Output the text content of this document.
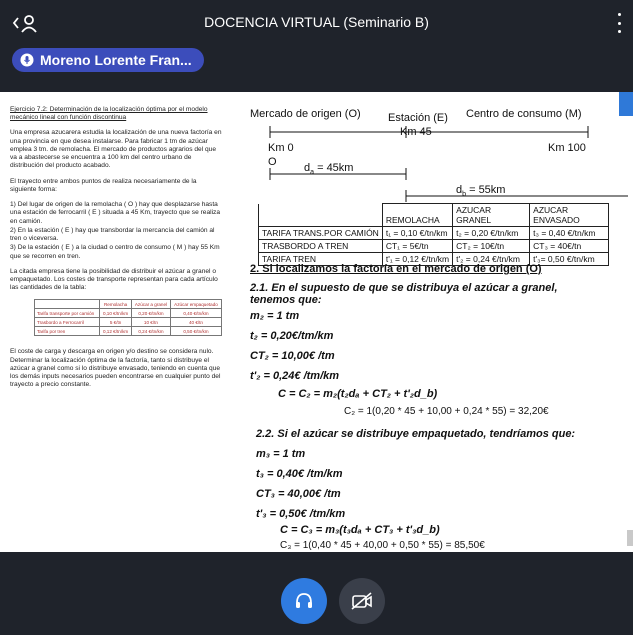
DOCENCIA VIRTUAL (Seminario B)
Moreno Lorente Fran...

Ejercicio 7.2: Determinación de la localización óptima por el modelo mecánico lineal con función discontinua

Una empresa azucarera estudia la localización de una nueva factoría en una provincia en que desea instalarse. Para fabricar 1 tm de azúcar emplea 3 tm. de remolacha. El mercado de productos agrarios del que va a abastecerse se encuentra a 100 km del centro urbano de distribución del producto acabado.

El trayecto entre ambos puntos de realiza necesariamente de la siguiente forma:

1) Del lugar de origen de la remolacha ( O ) hay que desplazarse hasta una estación de ferrocarril ( E ) situada a 45 Km, trayecto que se realiza en camión.

2) En la estación ( E ) hay que transbordar la mercancía del camión al tren o viceversa.

3) De la estación ( E ) a la ciudad o centro de consumo ( M ) hay 55 Km que se recorren en tren.

La citada empresa tiene la posibilidad de distribuir el azúcar a granel o empaquetado. Los costes de transporte representan para cada artículo las cantidades de la tabla:

	Remolacha	Azúcar a granel	Azúcar empaquetado
Tarifa transporte por camión	0,10 €/tn/km	0,20 €/tn/km	0,40 €/tn/km
Trasbordo a Ferrocarril	5 €/tn	10 €/tn	40 €/tn
Tarifa por tren	0,12 €/tn/km	0,24 €/tn/km	0,50 €/tn/km

El coste de carga y descarga en origen y/o destino se considera nulo. Determinar la localización óptima de la factoría, tanto si distribuye el azúcar a granel como si lo distribuye envasado, teniendo en cuenta que los demás inputs necesarios pueden encontrarse en cualquier punto del trayecto a precio constante.

Mercado de origen (O) Estación (E) Centro de consumo (M)
Km 45
Km 0	Km 100
O $d_a = 45km$
$d_b = 55km$
	REMOLACHA	AZUCAR GRANEL	AZUCAR ENVASADO
TARIFA TRANS.POR CAMIÓN	t₁ = 0,10 €/tn/km	t₂ = 0,20 €/tn/km	t₃ = 0,40 €/tn/km
TRASBORDO A TREN	CT₁ = 5€/tn	CT₂ = 10€/tn	CT₃ = 40€/tn
TARIFA TREN	t'₁ = 0,12 €/tn/km	t'₂ = 0,24 €/tn/km	t'₃= 0,50 €/tn/km
2. Si localizamos la factoría en el mercado de origen (O)
2.1. En el supuesto de que se distribuya el azúcar a granel, tenemos que:
m₂ = 1 tm
t₂ = 0,20€/tm/km
CT₂ = 10,00€ /tm
t'₂ = 0,24€ /tm/km
C = C₂ = m₂(t₂dₐ + CT₂ + t'₂d_b)
C₂ = 1(0,20 * 45 + 10,00 + 0,24 * 55) = 32,20€
2.2. Si el azúcar se distribuye empaquetado, tendríamos que:
m₃ = 1 tm
t₃ = 0,40€ /tm/km
CT₃ = 40,00€ /tm
t'₃ = 0,50€ /tm/km
C = C₃ = m₃(t₃dₐ + CT₃ + t'₃d_b)
C₃ = 1(0,40 * 45 + 40,00 + 0,50 * 55) = 85,50€
